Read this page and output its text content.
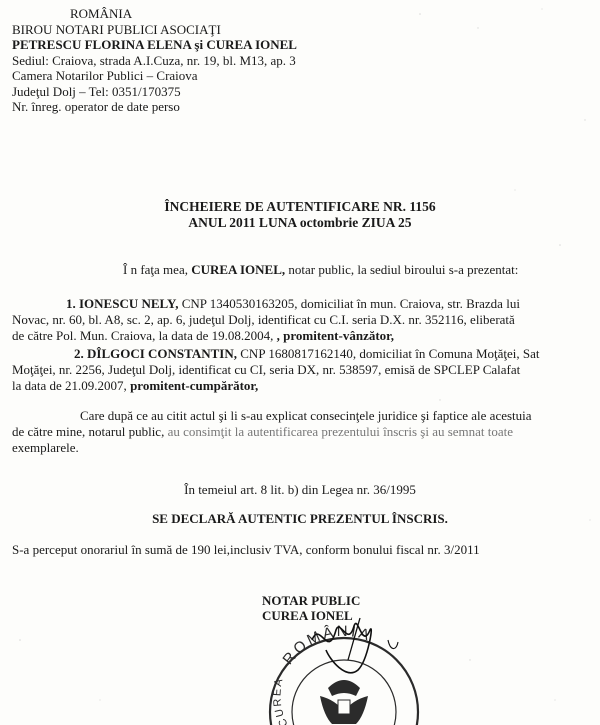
ROMÂNIA
BIROU NOTARI PUBLICI ASOCIAŢI
PETRESCU FLORINA ELENA şi CUREA IONEL
Sediul: Craiova, strada A.I.Cuza, nr. 19, bl. M13, ap. 3
Camera Notarilor Publici – Craiova
Judeţul Dolj – Tel: 0351/170375
Nr. înreg. operator de date perso
ÎNCHEIERE DE AUTENTIFICARE NR. 1156
ANUL 2011 LUNA octombrie ZIUA 25
Î n faţa mea, CUREA IONEL, notar public, la sediul biroului s-a prezentat:
1. IONESCU NELY, CNP 1340530163205, domiciliat în mun. Craiova, str. Brazda lui
Novac, nr. 60, bl. A8, sc. 2, ap. 6, judeţul Dolj, identificat cu C.I. seria D.X. nr. 352116, eliberată
de către Pol. Mun. Craiova, la data de 19.08.2004, , promitent-vânzător,
2. DÎLGOCI CONSTANTIN, CNP 1680817162140, domiciliat în Comuna Moţăţei, Sat
Moţăţei, nr. 2256, Judeţul Dolj, identificat cu CI, seria DX, nr. 538597, emisă de SPCLEP Calafat
la data de 21.09.2007, promitent-cumpărător,
Care după ce au citit actul şi li s-au explicat consecinţele juridice şi faptice ale acestuia
de către mine, notarul public, au consimţit la autentificarea prezentului înscris şi au semnat toate
exemplarele.
În temeiul art. 8 lit. b) din Legea nr. 36/1995
SE DECLARĂ AUTENTIC PREZENTUL ÎNSCRIS.
S-a perceput onorariul în sumă de 190 lei,inclusiv TVA, conform bonului fiscal nr. 3/2011
NOTAR PUBLIC
CUREA IONEL
ROMÂNIA
CUREA
